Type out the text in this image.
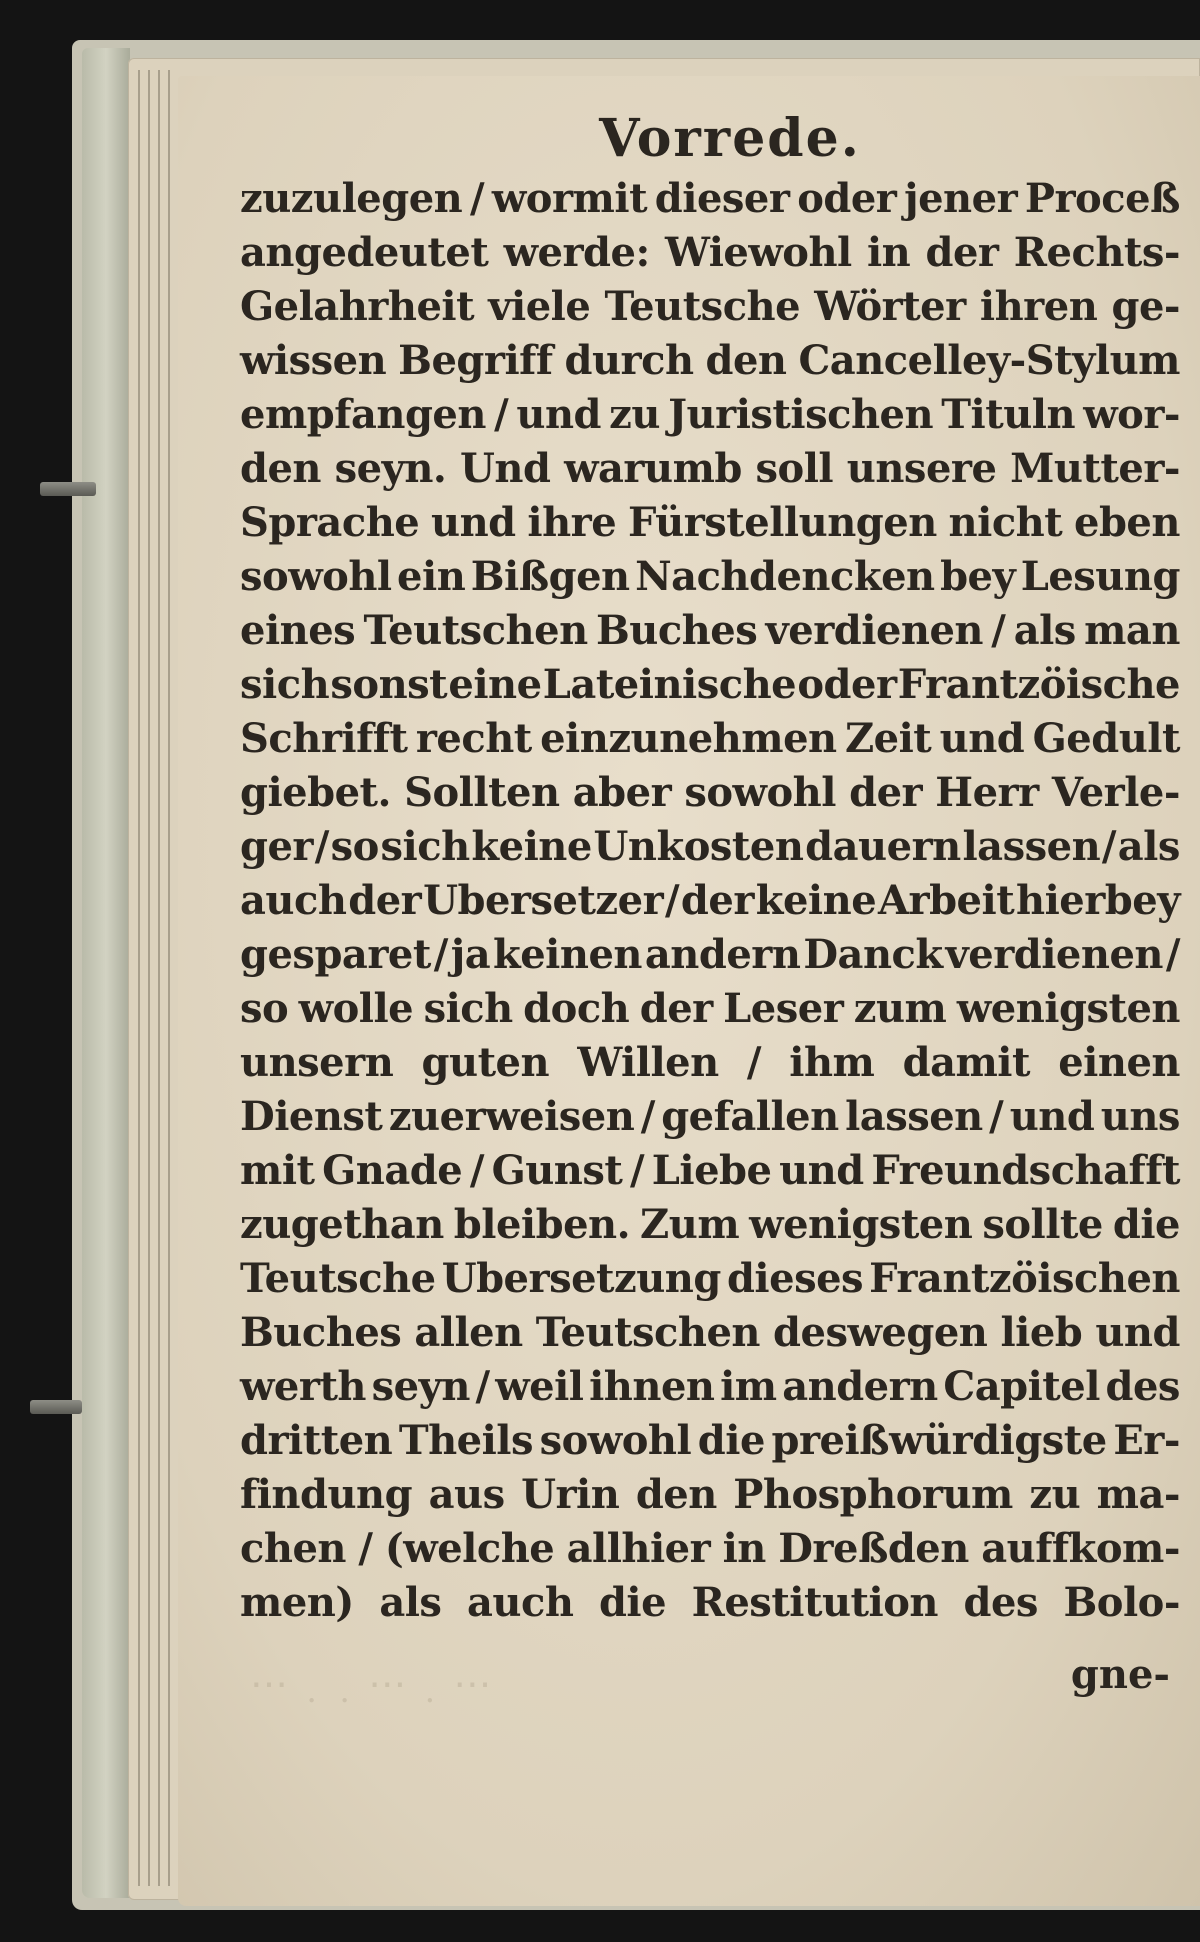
⋯ ˙ ˙ ⋯ ˙ ⋯
Vorrede.
zuzulegen / wormit dieser oder jener Proceß
angedeutet werde: Wiewohl in der Rechts-
Gelahrheit viele Teutsche Wörter ihren ge-
wissen Begriff durch den Cancelley-Stylum
empfangen / und zu Juristischen Tituln wor-
den seyn. Und warumb soll unsere Mutter-
Sprache und ihre Fürstellungen nicht eben
sowohl ein Bißgen Nachdencken bey Lesung
eines Teutschen Buches verdienen / als man
sich sonst eine Lateinische oder Frantzöische
Schrifft recht einzunehmen Zeit und Gedult
giebet. Sollten aber sowohl der Herr Verle-
ger / so sich keine Unkosten dauern lassen / als
auch der Ubersetzer / der keine Arbeit hierbey
gesparet / ja keinen andern Danck verdienen /
so wolle sich doch der Leser zum wenigsten
unsern guten Willen / ihm damit einen
Dienst zuerweisen / gefallen lassen / und uns
mit Gnade / Gunst / Liebe und Freundschafft
zugethan bleiben. Zum wenigsten sollte die
Teutsche Ubersetzung dieses Frantzöischen
Buches allen Teutschen deswegen lieb und
werth seyn / weil ihnen im andern Capitel des
dritten Theils sowohl die preißwürdigste Er-
findung aus Urin den Phosphorum zu ma-
chen / (welche allhier in Dreßden auffkom-
men) als auch die Restitution des Bolo-
gne-
